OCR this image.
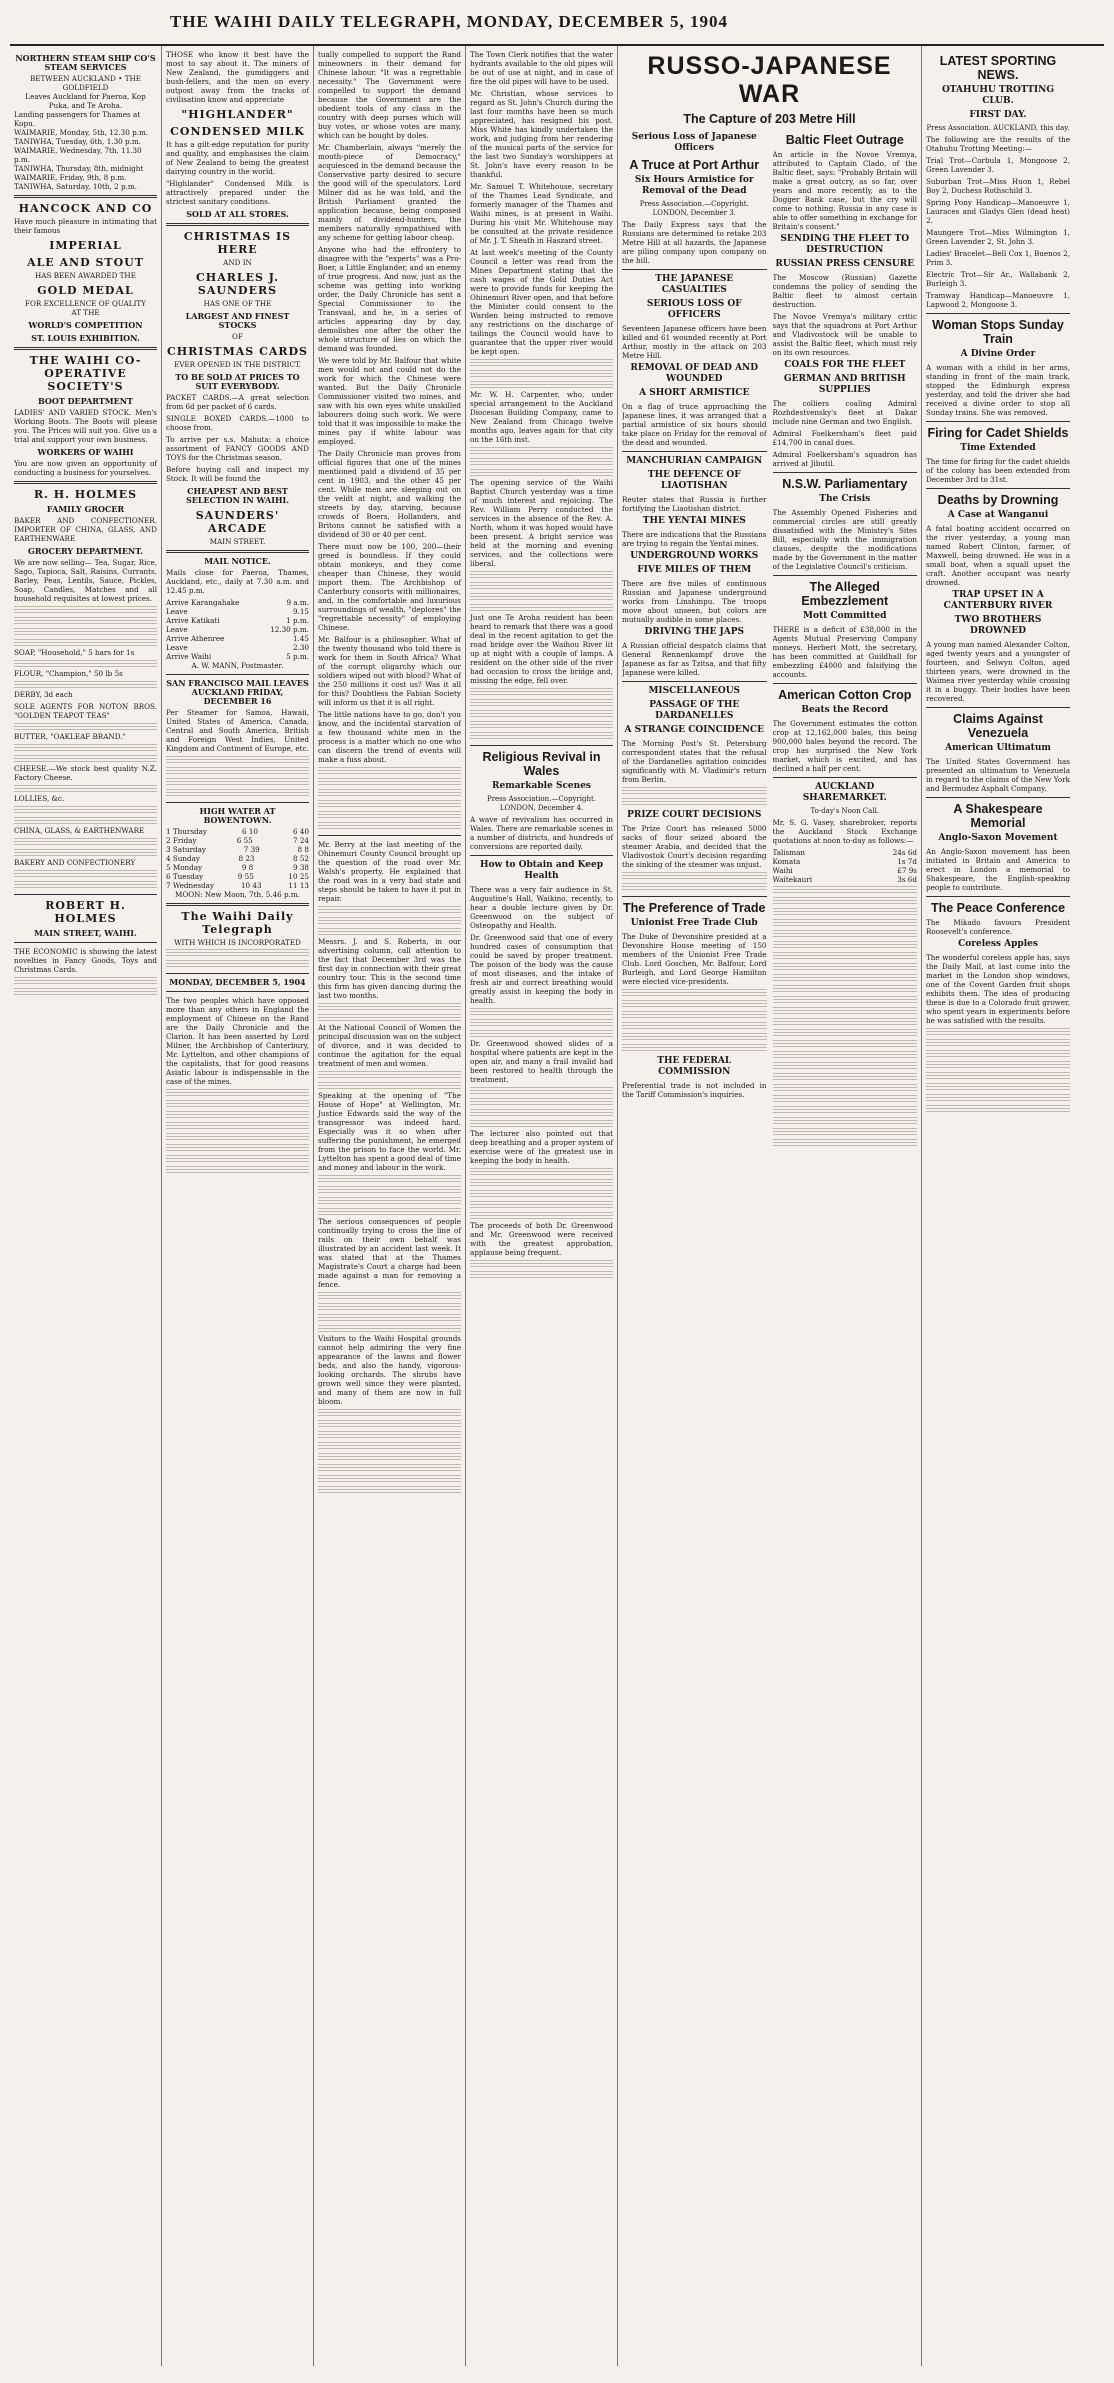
THE WAIHI DAILY TELEGRAPH, MONDAY, DECEMBER 5, 1904
NORTHERN STEAM SHIP CO'S STEAM SERVICES
BETWEEN AUCKLAND • THE GOLDFIELD
Leaves Auckland for Paeroa, Kop Puka, and Te Aroha.
Landing passengers for Thames at Kopu.
WAIMARIE, Monday, 5th, 12.30 p.m.
TANIWHA, Tuesday, 6th, 1.30 p.m.
WAIMARIE, Wednesday, 7th, 11.30 p.m.
TANIWHA, Thursday, 8th, midnight
WAIMARIE, Friday, 9th, 8 p.m.
TANIWHA, Saturday, 10th, 2 p.m.
HANCOCK AND CO

Have much pleasure in intimating that their famous

IMPERIAL
ALE AND STOUT
HAS BEEN AWARDED THE
GOLD MEDAL
FOR EXCELLENCE OF QUALITY
AT THE
WORLD'S COMPETITION
ST. LOUIS EXHIBITION.
THE WAIHI CO-OPERATIVE SOCIETY'S
BOOT DEPARTMENT

LADIES' AND VARIED STOCK. Men's Working Boots. The Boots will please you. The Prices will suit you. Give us a trial and support your own business.

WORKERS OF WAIHI

You are now given an opportunity of conducting a business for yourselves.

R. H. HOLMES
FAMILY GROCER

BAKER AND CONFECTIONER. IMPORTER OF CHINA, GLASS, AND EARTHENWARE

GROCERY DEPARTMENT.

We are now selling— Tea, Sugar, Rice, Sago, Tapioca, Salt, Raisins, Currants, Barley, Peas, Lentils, Sauce, Pickles, Soap, Candles, Matches and all household requisites at lowest prices.

SOAP, "Household," 5 bars for 1s

FLOUR, "Champion," 50 lb 5s

DERBY, 3d each

SOLE AGENTS FOR NOTON BROS. "GOLDEN TEAPOT TEAS"

BUTTER, "OAKLEAF BRAND."

CHEESE.—We stock best quality N.Z. Factory Cheese.

LOLLIES, &c.

CHINA, GLASS, & EARTHENWARE

BAKERY AND CONFECTIONERY

ROBERT H. HOLMES
MAIN STREET, WAIHI.

THE ECONOMIC is showing the latest novelties in Fancy Goods, Toys and Christmas Cards.

THOSE who know it best have the most to say about it. The miners of New Zealand, the gumdiggers and bush-fellers, and the men on every outpost away from the tracks of civilisation know and appreciate

"HIGHLANDER"
CONDENSED MILK

It has a gilt-edge reputation for purity and quality, and emphasises the claim of New Zealand to being the greatest dairying country in the world.

"Highlander" Condensed Milk is attractively prepared under the strictest sanitary conditions.

SOLD AT ALL STORES.
CHRISTMAS IS HERE
AND IN
CHARLES J. SAUNDERS
HAS ONE OF THE
LARGEST AND FINEST STOCKS
OF
CHRISTMAS CARDS
EVER OPENED IN THE DISTRICT.
TO BE SOLD AT PRICES TO SUIT EVERYBODY.

PACKET CARDS.—A great selection from 6d per packet of 6 cards.

SINGLE BOXED CARDS.—1000 to choose from.

To arrive per s.s. Mahuta: a choice assortment of FANCY GOODS AND TOYS for the Christmas season.

Before buying call and inspect my Stock. It will be found the

CHEAPEST AND BEST SELECTION IN WAIHI.
SAUNDERS' ARCADE
MAIN STREET.
MAIL NOTICE.

Mails close for Paeroa, Thames, Auckland, etc., daily at 7.30 a.m. and 12.45 p.m.

Arrive Karangahake	9 a.m.
Leave	9.15
Arrive Katikati	1 p.m.
Leave	12.30 p.m.
Arrive Athenree	1.45
Leave	2.30
Arrive Waihi	5 p.m.
A. W. MANN, Postmaster.
SAN FRANCISCO MAIL LEAVES AUCKLAND FRIDAY, DECEMBER 16

Per Steamer for Samoa, Hawaii, United States of America, Canada, Central and South America, British and Foreign West Indies, United Kingdom and Continent of Europe, etc.

HIGH WATER AT BOWENTOWN.
1 Thursday	6 10	6 40
2 Friday	6 55	7 24
3 Saturday	7 39	8 8
4 Sunday	8 23	8 52
5 Monday	9 8	9 38
6 Tuesday	9 55	10 25
7 Wednesday	10 43	11 13
MOON: New Moon, 7th, 5.46 p.m.
The Waihi Daily Telegraph
WITH WHICH IS INCORPORATED
MONDAY, DECEMBER 5, 1904

The two peoples which have opposed more than any others in England the employment of Chinese on the Rand are the Daily Chronicle and the Clarion. It has been asserted by Lord Milner, the Archbishop of Canterbury, Mr. Lyttelton, and other champions of the capitalists, that for good reasons Asiatic labour is indispensable in the case of the mines.

tually compelled to support the Rand mineowners in their demand for Chinese labour. "It was a regrettable necessity." The Government were compelled to support the demand because the Government are the obedient tools of any class in the country with deep purses which will buy votes, or whose votes are many, which can be bought by doles.

Mr. Chamberlain, always "merely the mouth-piece of Democracy," acquiesced in the demand because the Conservative party desired to secure the good will of the speculators. Lord Milner did as he was told, and the British Parliament granted the application because, being composed mainly of dividend-hunters, the members naturally sympathised with any scheme for getting labour cheap.

Anyone who had the effrontery to disagree with the "experts" was a Pro-Boer, a Little Englander, and an enemy of true progress. And now, just as the scheme was getting into working order, the Daily Chronicle has sent a Special Commissioner to the Transvaal, and he, in a series of articles appearing day by day, demolishes one after the other the whole structure of lies on which the demand was founded.

We were told by Mr. Balfour that white men would not and could not do the work for which the Chinese were wanted. But the Daily Chronicle Commissioner visited two mines, and saw with his own eyes white unskilled labourers doing such work. We were told that it was impossible to make the mines pay if white labour was employed.

The Daily Chronicle man proves from official figures that one of the mines mentioned paid a dividend of 35 per cent in 1903, and the other 45 per cent. While men are sleeping out on the veldt at night, and walking the streets by day, starving, because crowds of Boers, Hollanders, and Britons cannot be satisfied with a dividend of 30 or 40 per cent.

There must now be 100, 200—their greed is boundless. If they could obtain monkeys, and they come cheaper than Chinese, they would import them. The Archbishop of Canterbury consorts with millionaires, and, in the comfortable and luxurious surroundings of wealth, "deplores" the "regrettable necessity" of employing Chinese.

Mr. Balfour is a philosopher. What of the twenty thousand who told there is work for them in South Africa? What of the corrupt oligarchy which our soldiers wiped out with blood? What of the 250 millions it cost us? Was it all for this? Doubtless the Fabian Society will inform us that it is all right.

The little nations have to go, don't you know, and the incidental starvation of a few thousand white men in the process is a matter which no one who can discern the trend of events will make a fuss about.

Mr. Berry at the last meeting of the Ohinemuri County Council brought up the question of the road over Mr. Walsh's property. He explained that the road was in a very bad state and steps should be taken to have it put in repair.

Messrs. J. and S. Roberts, in our advertising column, call attention to the fact that December 3rd was the first day in connection with their great country tour. This is the second time this firm has given dancing during the last two months.

At the National Council of Women the principal discussion was on the subject of divorce, and it was decided to continue the agitation for the equal treatment of men and women.

Speaking at the opening of "The House of Hope" at Wellington, Mr. Justice Edwards said the way of the transgressor was indeed hard. Especially was it so when after suffering the punishment, he emerged from the prison to face the world. Mr. Lyttelton has spent a good deal of time and money and labour in the work.

The serious consequences of people continually trying to cross the line of rails on their own behalf was illustrated by an accident last week. It was stated that at the Thames Magistrate's Court a charge had been made against a man for removing a fence.

Visitors to the Waihi Hospital grounds cannot help admiring the very fine appearance of the lawns and flower beds, and also the handy, vigorous-looking orchards. The shrubs have grown well since they were planted, and many of them are now in full bloom.

The Town Clerk notifies that the water hydrants available to the old pipes will be out of use at night, and in case of fire the old pipes will have to be used.

Mr. Christian, whose services to regard as St. John's Church during the last four months have been so much appreciated, has resigned his post. Miss White has kindly undertaken the work, and judging from her rendering of the musical parts of the service for the last two Sunday's worshippers at St. John's have every reason to be thankful.

Mr. Samuel T. Whitehouse, secretary of the Thames Lead Syndicate, and formerly manager of the Thames and Waihi mines, is at present in Waihi. During his visit Mr. Whitehouse may be consulted at the private residence of Mr. J. T. Sheath in Haszard street.

At last week's meeting of the County Council a letter was read from the Mines Department stating that the cash wages of the Gold Duties Act were to provide funds for keeping the Ohinemuri River open, and that before the Minister could consent to the Warden being instructed to remove any restrictions on the discharge of tailings the Council would have to guarantee that the upper river would be kept open.

Mr. W. H. Carpenter, who, under special arrangement to the Auckland Diocesan Building Company, came to New Zealand from Chicago twelve months ago, leaves again for that city on the 16th inst.

The opening service of the Waihi Baptist Church yesterday was a time of much interest and rejoicing. The Rev. William Perry conducted the services in the absence of the Rev. A. North, whom it was hoped would have been present. A bright service was held at the morning and evening services, and the collections were liberal.

Just one Te Aroha resident has been heard to remark that there was a good deal in the recent agitation to get the road bridge over the Waihou River lit up at night with a couple of lamps. A resident on the other side of the river had occasion to cross the bridge and, missing the edge, fell over.

Religious Revival in Wales
Remarkable Scenes
Press Association.—Copyright. LONDON, December 4.

A wave of revivalism has occurred in Wales. There are remarkable scenes in a number of districts, and hundreds of conversions are reported daily.

How to Obtain and Keep Health

There was a very fair audience in St. Augustine's Hall, Waikino, recently, to hear a double lecture given by Dr. Greenwood on the subject of Osteopathy and Health.

Dr. Greenwood said that one of every hundred cases of consumption that could be saved by proper treatment. The poison of the body was the cause of most diseases, and the intake of fresh air and correct breathing would greatly assist in keeping the body in health.

Dr. Greenwood showed slides of a hospital where patients are kept in the open air, and many a frail invalid had been restored to health through the treatment.

The lecturer also pointed out that deep breathing and a proper system of exercise were of the greatest use in keeping the body in health.

The proceeds of both Dr. Greenwood and Mr. Greenwood were received with the greatest approbation, applause being frequent.

RUSSO-JAPANESE WAR
The Capture of 203 Metre Hill
Serious Loss of Japanese Officers
A Truce at Port Arthur
Six Hours Armistice for Removal of the Dead
Press Association.—Copyright. LONDON, December 3.

The Daily Express says that the Russians are determined to retake 203 Metre Hill at all hazards, the Japanese are piling company upon company on the hill.

THE JAPANESE CASUALTIES
SERIOUS LOSS OF OFFICERS

Seventeen Japanese officers have been killed and 61 wounded recently at Port Arthur, mostly in the attack on 203 Metre Hill.

REMOVAL OF DEAD AND WOUNDED
A SHORT ARMISTICE

On a flag of truce approaching the Japanese lines, it was arranged that a partial armistice of six hours should take place on Friday for the removal of the dead and wounded.

MANCHURIAN CAMPAIGN
THE DEFENCE OF LIAOTISHAN

Reuter states that Russia is further fortifying the Liaotishan district.

THE YENTAI MINES

There are indications that the Russians are trying to regain the Yentai mines.

UNDERGROUND WORKS
FIVE MILES OF THEM

There are five miles of continuous Russian and Japanese underground works from Linshinpu. The troops move about unseen, but colors are mutually audible in some places.

DRIVING THE JAPS

A Russian official despatch claims that General Rennenkampf drove the Japanese as far as Tzitsa, and that fifty Japanese were killed.

MISCELLANEOUS
PASSAGE OF THE DARDANELLES
A STRANGE COINCIDENCE

The Morning Post's St. Petersburg correspondent states that the refusal of the Dardanelles agitation coincides significantly with M. Vladimir's return from Berlin.

PRIZE COURT DECISIONS

The Prize Court has released 5000 sacks of flour seized aboard the steamer Arabia, and decided that the Vladivostok Court's decision regarding the sinking of the steamer was unjust.

The Preference of Trade
Unionist Free Trade Club

The Duke of Devonshire presided at a Devonshire House meeting of 150 members of the Unionist Free Trade Club. Lord Goschen, Mr. Balfour, Lord Burleigh, and Lord George Hamilton were elected vice-presidents.

THE FEDERAL COMMISSION

Preferential trade is not included in the Tariff Commission's inquiries.

Baltic Fleet Outrage

An article in the Novoe Vremya, attributed to Captain Clado, of the Baltic fleet, says: "Probably Britain will make a great outcry, as so far, over years and more recently, as to the Dogger Bank case, but the cry will come to nothing. Russia in any case is able to offer something in exchange for Britain's consent."

SENDING THE FLEET TO DESTRUCTION
RUSSIAN PRESS CENSURE

The Moscow (Russian) Gazette condemns the policy of sending the Baltic fleet to almost certain destruction.

The Novoe Vremya's military critic says that the squadrons at Port Arthur and Vladivostock will be unable to assist the Baltic fleet, which must rely on its own resources.

COALS FOR THE FLEET
GERMAN AND BRITISH SUPPLIES

The colliers coaling Admiral Rozhdestvensky's fleet at Dakar include nine German and two English.

Admiral Foelkersham's fleet paid £14,700 in canal dues.

Admiral Foelkersham's squadron has arrived at Jibutil.

N.S.W. Parliamentary
The Crisis

The Assembly Opened Fisheries and commercial circles are still greatly dissatisfied with the Ministry's Sites Bill, especially with the immigration clauses, despite the modifications made by the Government in the matter of the Legislative Council's criticism.

The Alleged Embezzlement
Mott Committed

THERE is a deficit of £38,000 in the Agents Mutual Preserving Company moneys. Herbert Mott, the secretary, has been committed at Guildhall for embezzling £4000 and falsifying the accounts.

American Cotton Crop
Beats the Record

The Government estimates the cotton crop at 12,162,000 bales, this being 900,000 bales beyond the record. The crop has surprised the New York market, which is excited, and has declined a half per cent.

AUCKLAND SHAREMARKET.
To-day's Noon Call.

Mr. S. G. Vasey, sharebroker, reports the Auckland Stock Exchange quotations at noon to-day as follows:—

Talisman	24s 6d
Komata	1s 7d
Waihi	£7 9s
Waitekauri	3s 6d
LATEST SPORTING NEWS.
OTAHUHU TROTTING CLUB.
FIRST DAY.
Press Association. AUCKLAND, this day.

The following are the results of the Otahuhu Trotting Meeting:—

Trial Trot—Corbula 1, Mongoose 2, Green Lavender 3.

Suburban Trot—Miss Huon 1, Rebel Boy 2, Duchess Rothschild 3.

Spring Pony Handicap—Manoeuvre 1, Lauraces and Gladys Glen (dead heat) 2.

Maungere Trot—Miss Wilmington 1, Green Lavender 2, St. John 3.

Ladies' Bracelet—Bell Cox 1, Buenos 2, Prim 3.

Electric Trot—Sir Ar., Wallabank 2, Burleigh 3.

Tramway Handicap—Manoeuvre 1, Lapwood 2, Mongoose 3.

Woman Stops Sunday Train
A Divine Order

A woman with a child in her arms, standing in front of the main track, stopped the Edinburgh express yesterday, and told the driver she had received a divine order to stop all Sunday trains. She was removed.

Firing for Cadet Shields
Time Extended

The time for firing for the cadet shields of the colony has been extended from December 3rd to 31st.

Deaths by Drowning
A Case at Wanganui

A fatal boating accident occurred on the river yesterday, a young man named Robert Clinton, farmer, of Maxwell, being drowned. He was in a small boat, when a squall upset the craft. Another occupant was nearly drowned.

TRAP UPSET IN A CANTERBURY RIVER
TWO BROTHERS DROWNED

A young man named Alexander Colton, aged twenty years and a youngster of fourteen, and Selwyn Colton, aged thirteen years, were drowned in the Waimea river yesterday while crossing it in a buggy. Their bodies have been recovered.

Claims Against Venezuela
American Ultimatum

The United States Government has presented an ultimatum to Venezuela in regard to the claims of the New York and Bermudez Asphalt Company.

A Shakespeare Memorial
Anglo-Saxon Movement

An Anglo-Saxon movement has been initiated in Britain and America to erect in London a memorial to Shakespeare, the English-speaking people to contribute.

The Peace Conference

The Mikado favours President Roosevelt's conference.

Coreless Apples

The wonderful coreless apple has, says the Daily Mail, at last come into the market in the London shop windows, one of the Covent Garden fruit shops exhibits them. The idea of producing these is due to a Colorado fruit grower, who spent years in experiments before he was satisfied with the results.
